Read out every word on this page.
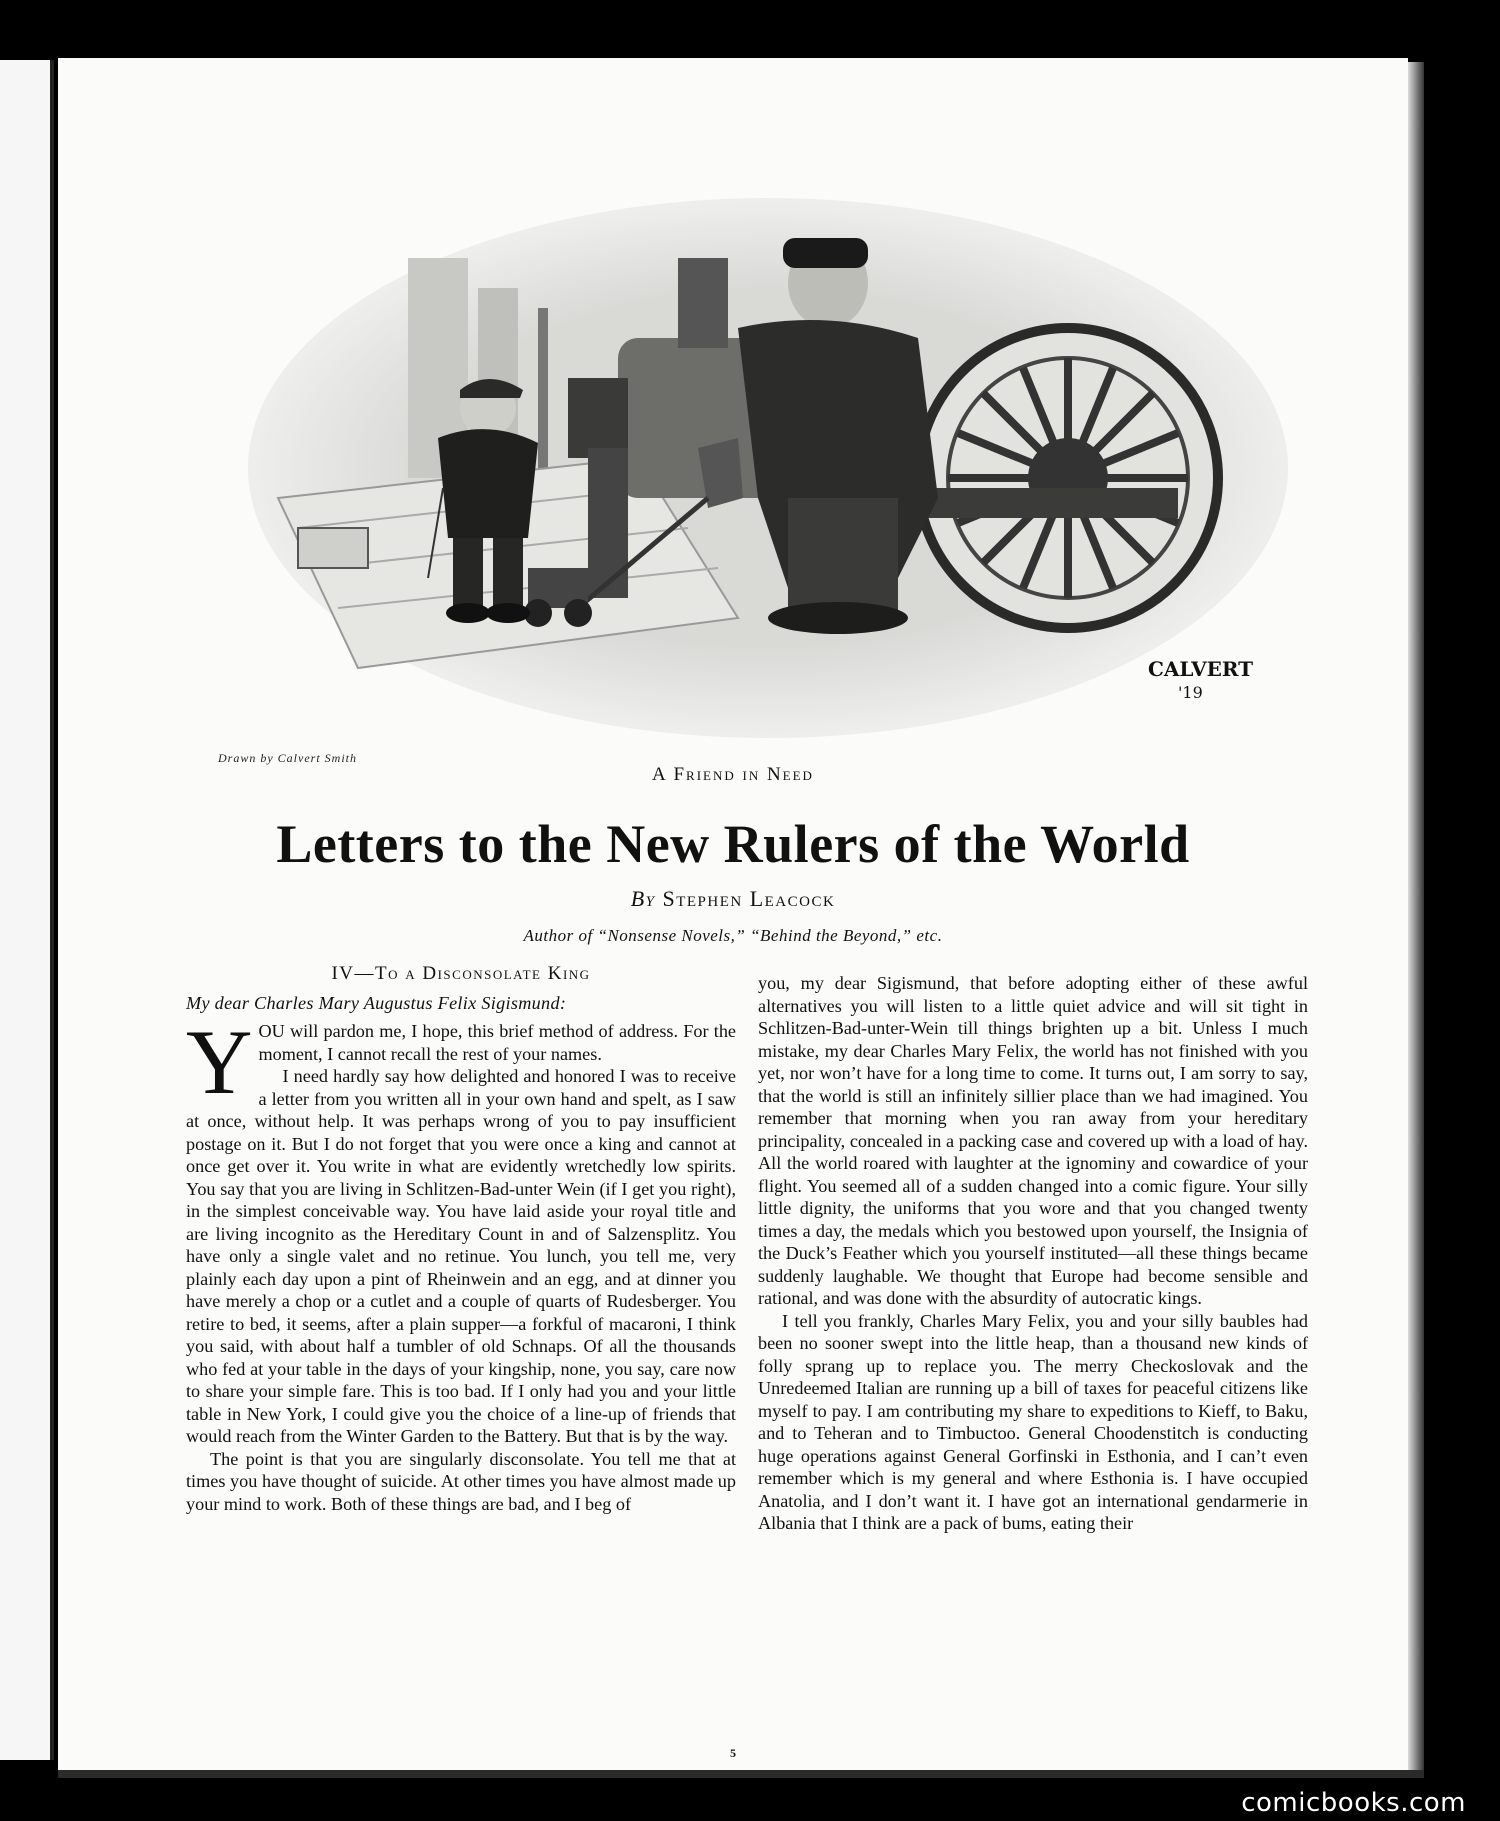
CALVERT
'19
Drawn by Calvert Smith
A Friend in Need
Letters to the New Rulers of the World
By Stephen Leacock
Author of “Nonsense Novels,” “Behind the Beyond,” etc.

IV—To a Disconsolate King

My dear Charles Mary Augustus Felix Sigismund:

YOU will pardon me, I hope, this brief method of address. For the moment, I cannot recall the rest of your names.

I need hardly say how delighted and honored I was to receive a letter from you written all in your own hand and spelt, as I saw at once, without help. It was perhaps wrong of you to pay insufficient postage on it. But I do not forget that you were once a king and cannot at once get over it. You write in what are evidently wretchedly low spirits. You say that you are living in Schlitzen-Bad-unter Wein (if I get you right), in the simplest conceivable way. You have laid aside your royal title and are living incognito as the Hereditary Count in and of Salzensplitz. You have only a single valet and no retinue. You lunch, you tell me, very plainly each day upon a pint of Rheinwein and an egg, and at dinner you have merely a chop or a cutlet and a couple of quarts of Rudesberger. You retire to bed, it seems, after a plain supper—a forkful of macaroni, I think you said, with about half a tumbler of old Schnaps. Of all the thousands who fed at your table in the days of your kingship, none, you say, care now to share your simple fare. This is too bad. If I only had you and your little table in New York, I could give you the choice of a line-up of friends that would reach from the Winter Garden to the Battery. But that is by the way.

The point is that you are singularly disconsolate. You tell me that at times you have thought of suicide. At other times you have almost made up your mind to work. Both of these things are bad, and I beg of

you, my dear Sigismund, that before adopting either of these awful alternatives you will listen to a little quiet advice and will sit tight in Schlitzen-Bad-unter-Wein till things brighten up a bit. Unless I much mistake, my dear Charles Mary Felix, the world has not finished with you yet, nor won’t have for a long time to come. It turns out, I am sorry to say, that the world is still an infinitely sillier place than we had imagined. You remember that morning when you ran away from your hereditary principality, concealed in a packing case and covered up with a load of hay. All the world roared with laughter at the ignominy and cowardice of your flight. You seemed all of a sudden changed into a comic figure. Your silly little dignity, the uniforms that you wore and that you changed twenty times a day, the medals which you bestowed upon yourself, the Insignia of the Duck’s Feather which you yourself instituted—all these things became suddenly laughable. We thought that Europe had become sensible and rational, and was done with the absurdity of autocratic kings.

I tell you frankly, Charles Mary Felix, you and your silly baubles had been no sooner swept into the little heap, than a thousand new kinds of folly sprang up to replace you. The merry Checkoslovak and the Unredeemed Italian are running up a bill of taxes for peaceful citizens like myself to pay. I am contributing my share to expeditions to Kieff, to Baku, and to Teheran and to Timbuctoo. General Choodenstitch is conducting huge operations against General Gorfinski in Esthonia, and I can’t even remember which is my general and where Esthonia is. I have occupied Anatolia, and I don’t want it. I have got an international gendarmerie in Albania that I think are a pack of bums, eating their

5
comicbooks.com
